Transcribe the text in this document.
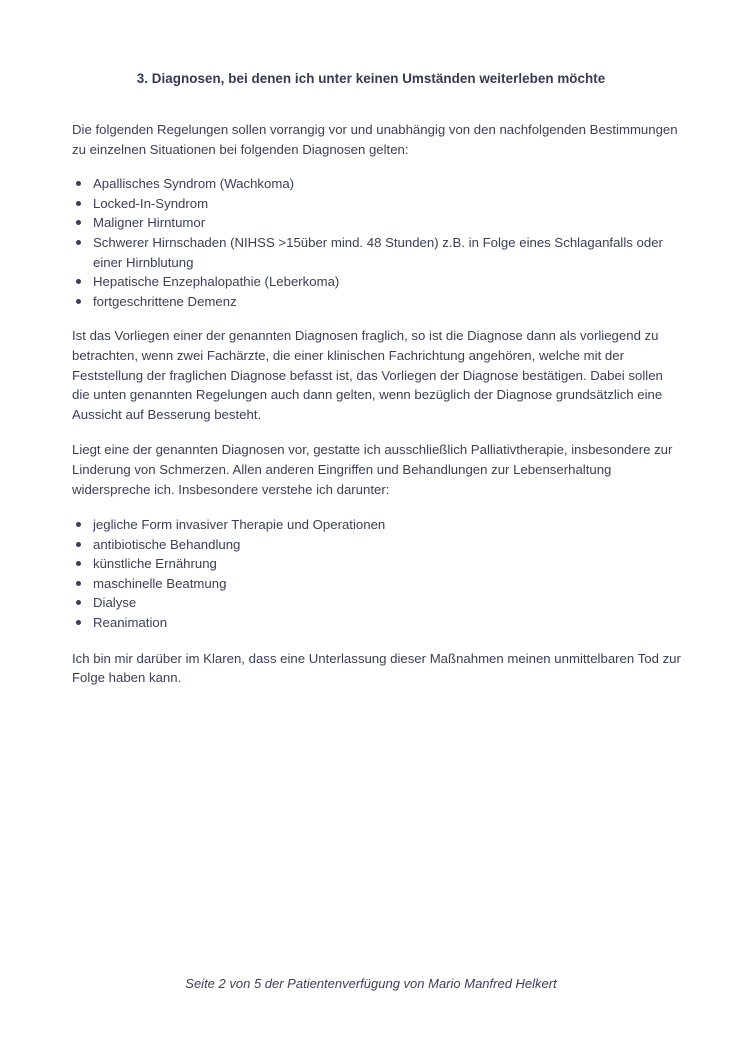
3. Diagnosen, bei denen ich unter keinen Umständen weiterleben möchte

Die folgenden Regelungen sollen vorrangig vor und unabhängig von den nachfolgenden Bestimmungen zu einzelnen Situationen bei folgenden Diagnosen gelten:

Apallisches Syndrom (Wachkoma)
Locked-In-Syndrom
Maligner Hirntumor
Schwerer Hirnschaden (NIHSS >15über mind. 48 Stunden) z.B. in Folge eines Schlaganfalls oder einer Hirnblutung
Hepatische Enzephalopathie (Leberkoma)
fortgeschrittene Demenz

Ist das Vorliegen einer der genannten Diagnosen fraglich, so ist die Diagnose dann als vorliegend zu betrachten, wenn zwei Fachärzte, die einer klinischen Fachrichtung angehören, welche mit der Feststellung der fraglichen Diagnose befasst ist, das Vorliegen der Diagnose bestätigen. Dabei sollen die unten genannten Regelungen auch dann gelten, wenn bezüglich der Diagnose grundsätzlich eine Aussicht auf Besserung besteht.

Liegt eine der genannten Diagnosen vor, gestatte ich ausschließlich Palliativtherapie, insbesondere zur Linderung von Schmerzen. Allen anderen Eingriffen und Behandlungen zur Lebenserhaltung widerspreche ich. Insbesondere verstehe ich darunter:

jegliche Form invasiver Therapie und Operationen
antibiotische Behandlung
künstliche Ernährung
maschinelle Beatmung
Dialyse
Reanimation

Ich bin mir darüber im Klaren, dass eine Unterlassung dieser Maßnahmen meinen unmittelbaren Tod zur Folge haben kann.

Seite 2 von 5 der Patientenverfügung von Mario Manfred Helkert
